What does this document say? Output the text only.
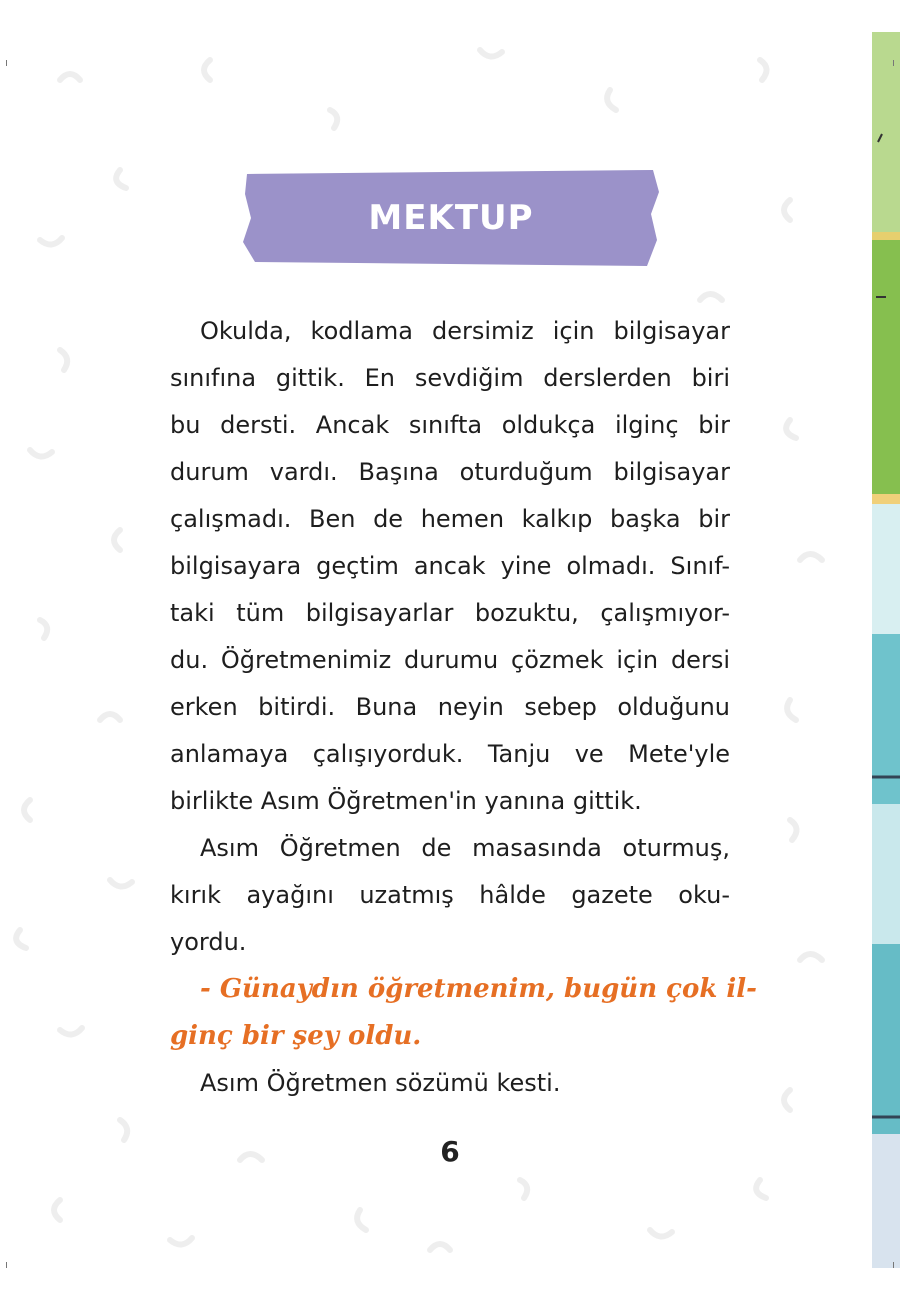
MEKTUP
Okulda, kodlama dersimiz için bilgisayar
sınıfına gittik. En sevdiğim derslerden biri
bu dersti. Ancak sınıfta oldukça ilginç bir
durum vardı. Başına oturduğum bilgisayar
çalışmadı. Ben de hemen kalkıp başka bir
bilgisayara geçtim ancak yine olmadı. Sınıf-
taki tüm bilgisayarlar bozuktu, çalışmıyor-
du. Öğretmenimiz durumu çözmek için dersi
erken bitirdi. Buna neyin sebep olduğunu
anlamaya çalışıyorduk. Tanju ve Mete'yle
birlikte Asım Öğretmen'in yanına gittik.
Asım Öğretmen de masasında oturmuş,
kırık ayağını uzatmış hâlde gazete oku-
yordu.
- Günaydın öğretmenim, bugün çok il-
ginç bir şey oldu.
Asım Öğretmen sözümü kesti.
6
